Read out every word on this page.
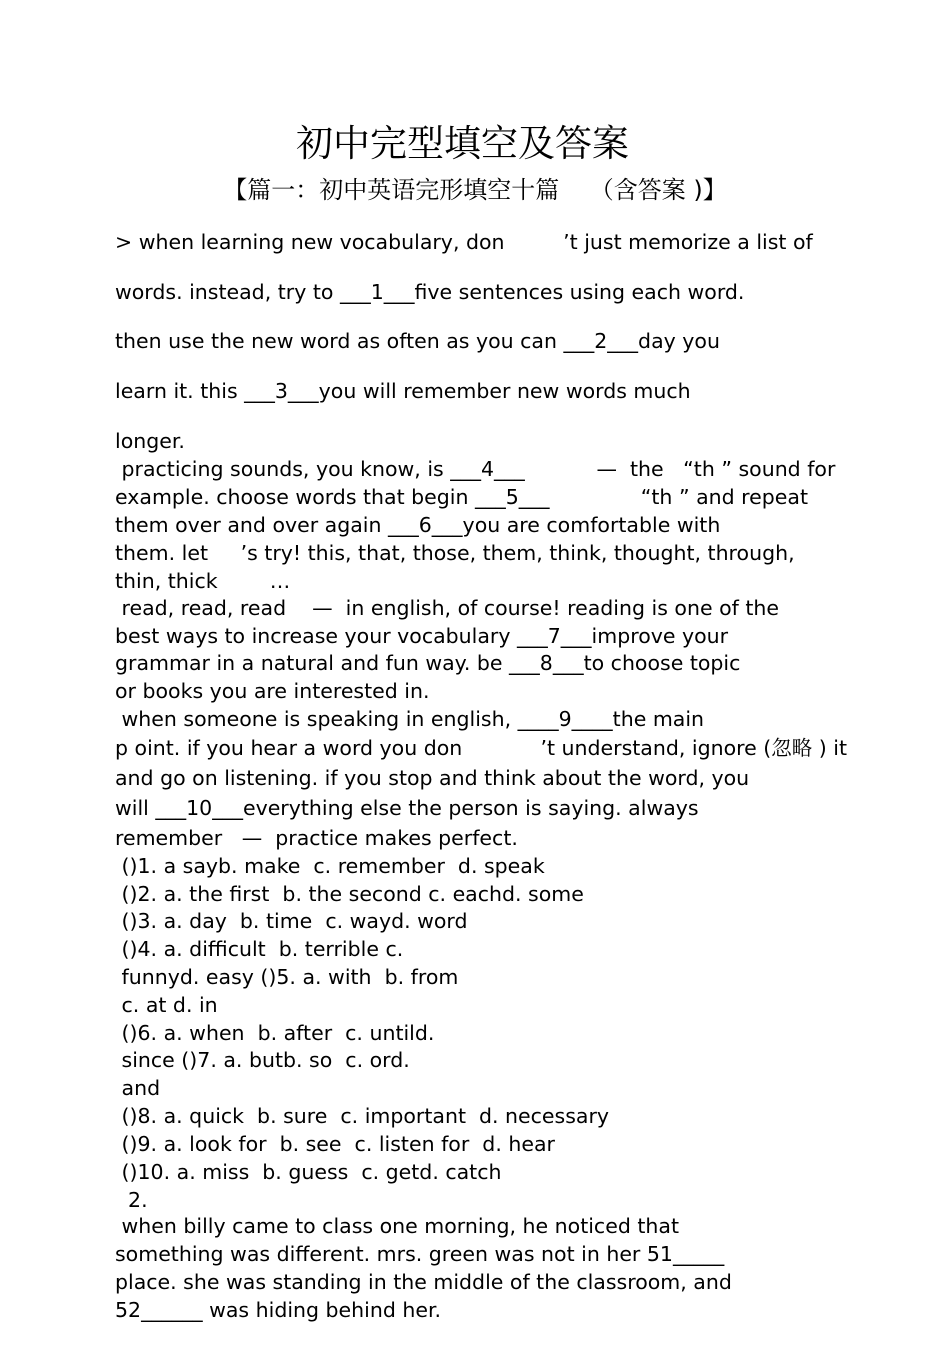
初中完型填空及答案
【篇一：初中英语完形填空十篇    （含答案 )】
> when learning new vocabulary, don         ’t just memorize a list of
words. instead, try to ___1___five sentences using each word.
then use the new word as often as you can ___2___day you
learn it. this ___3___you will remember new words much
longer.
practicing sounds, you know, is ___4___           —  the   “th ” sound for
example. choose words that begin ___5___              “th ” and repeat
them over and over again ___6___you are comfortable with
them. let     ’s try! this, that, those, them, think, thought, through,
thin, thick        …
read, read, read    —  in english, of course! reading is one of the
best ways to increase your vocabulary ___7___improve your
grammar in a natural and fun way. be ___8___to choose topic
or books you are interested in.
when someone is speaking in english, ____9____the main
p oint. if you hear a word you don            ’t understand, ignore (忽略 ) it
and go on listening. if you stop and think about the word, you
will ___10___everything else the person is saying. always
remember   —  practice makes perfect.
()1. a sayb. make  c. remember  d. speak
()2. a. the first  b. the second c. eachd. some
()3. a. day  b. time  c. wayd. word
()4. a. difficult  b. terrible c.
funnyd. easy ()5. a. with  b. from
c. at d. in
()6. a. when  b. after  c. untild.
since ()7. a. butb. so  c. ord.
and
()8. a. quick  b. sure  c. important  d. necessary
()9. a. look for  b. see  c. listen for  d. hear
()10. a. miss  b. guess  c. getd. catch
2.
when billy came to class one morning, he noticed that
something was different. mrs. green was not in her 51_____
place. she was standing in the middle of the classroom, and
52______ was hiding behind her.
